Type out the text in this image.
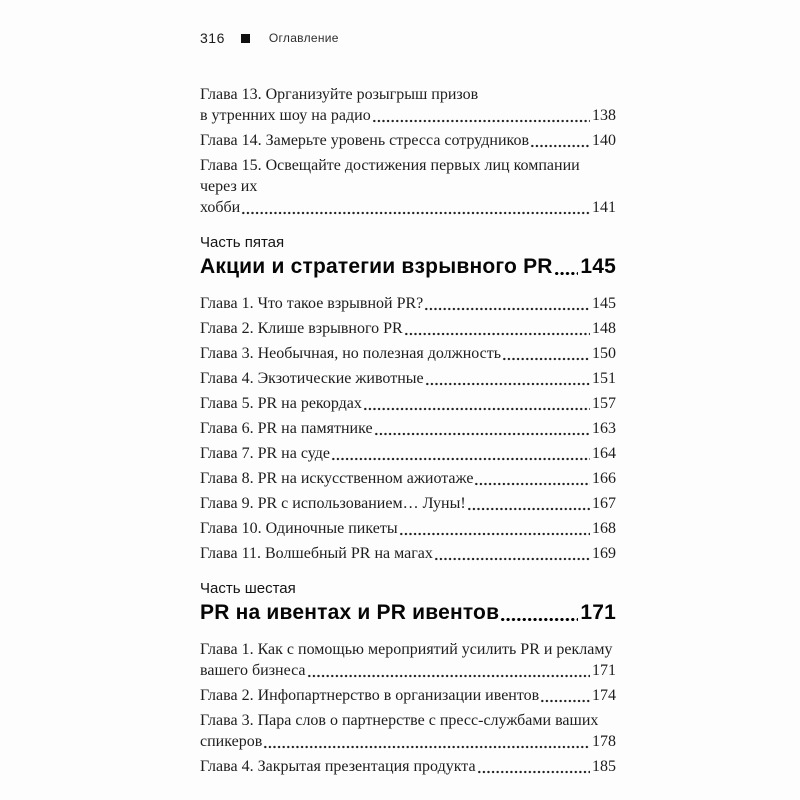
316	Оглавление
Глава 13. Организуйте розыгрыш призов
в утренних шоу на радио	138
Глава 14. Замерьте уровень стресса сотрудников	140
Глава 15. Освещайте достижения первых лиц компании через их
хобби	141
Часть пятая
Акции и стратегии взрывного PR 145
Глава 1. Что такое взрывной PR?	145
Глава 2. Клише взрывного PR	148
Глава 3. Необычная, но полезная должность	150
Глава 4. Экзотические животные	151
Глава 5. PR на рекордах	157
Глава 6. PR на памятнике	163
Глава 7. PR на суде	164
Глава 8. PR на искусственном ажиотаже	166
Глава 9. PR с использованием… Луны!	167
Глава 10. Одиночные пикеты	168
Глава 11. Волшебный PR на магах	169
Часть шестая
PR на ивентах и PR ивентов	171
Глава 1. Как с помощью мероприятий усилить PR и рекламу
вашего бизнеса	171
Глава 2. Инфопартнерство в организации ивентов	174
Глава 3. Пара слов о партнерстве с пресс-службами ваших
спикеров	178
Глава 4. Закрытая презентация продукта	185
